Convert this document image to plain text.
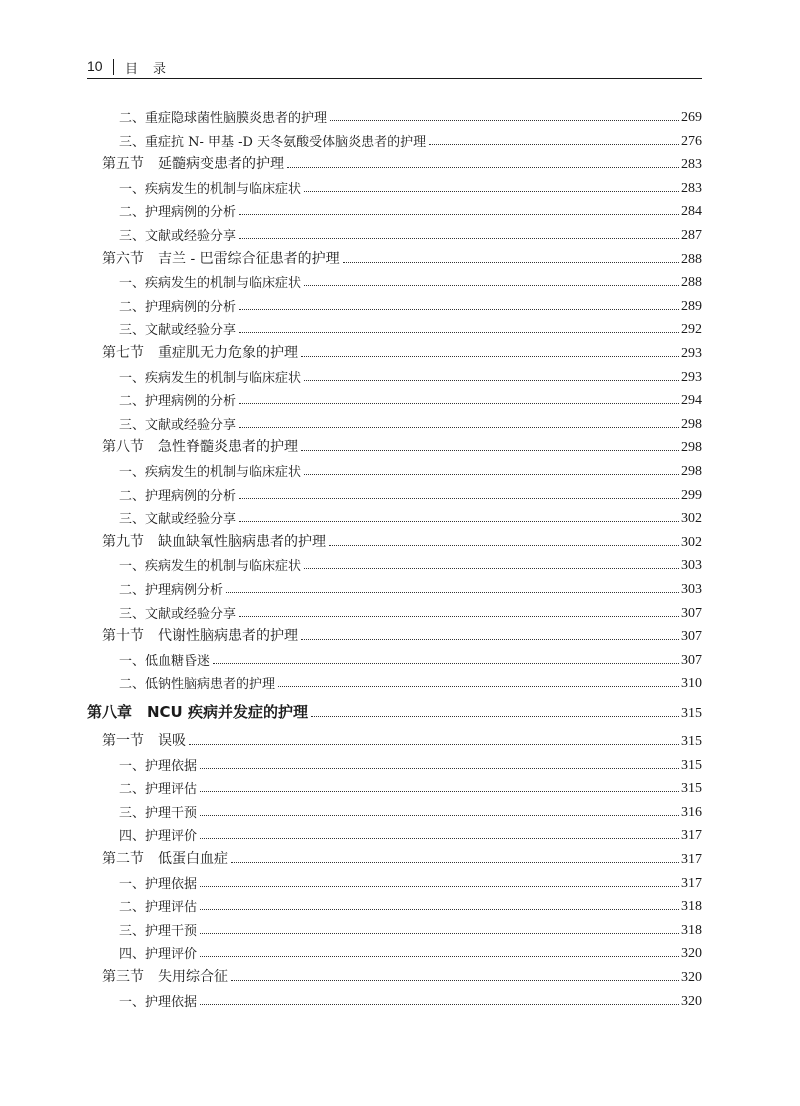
10 目　录
二、重症隐球菌性脑膜炎患者的护理	269
三、重症抗 N- 甲基 -D 天冬氨酸受体脑炎患者的护理	276
第五节　延髓病变患者的护理	283
一、疾病发生的机制与临床症状	283
二、护理病例的分析	284
三、文献或经验分享	287
第六节　吉兰 - 巴雷综合征患者的护理	288
一、疾病发生的机制与临床症状	288
二、护理病例的分析	289
三、文献或经验分享	292
第七节　重症肌无力危象的护理	293
一、疾病发生的机制与临床症状	293
二、护理病例的分析	294
三、文献或经验分享	298
第八节　急性脊髓炎患者的护理	298
一、疾病发生的机制与临床症状	298
二、护理病例的分析	299
三、文献或经验分享	302
第九节　缺血缺氧性脑病患者的护理	302
一、疾病发生的机制与临床症状	303
二、护理病例分析	303
三、文献或经验分享	307
第十节　代谢性脑病患者的护理	307
一、低血糖昏迷	307
二、低钠性脑病患者的护理	310
第八章　NCU 疾病并发症的护理	315
第一节　误吸	315
一、护理依据	315
二、护理评估	315
三、护理干预	316
四、护理评价	317
第二节　低蛋白血症	317
一、护理依据	317
二、护理评估	318
三、护理干预	318
四、护理评价	320
第三节　失用综合征	320
一、护理依据	320
